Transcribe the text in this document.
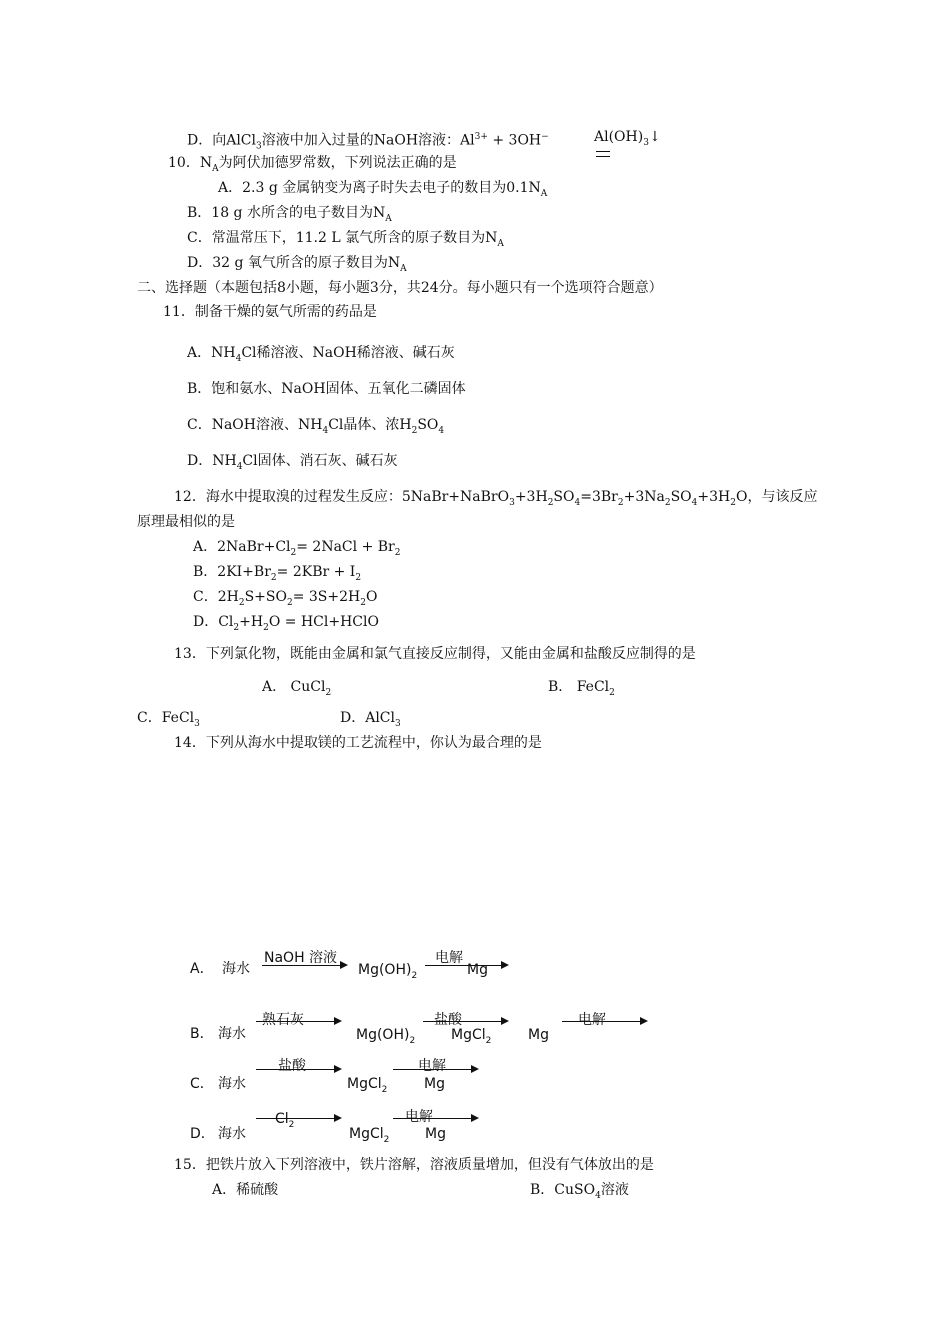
D．向AlCl$_3$溶液中加入过量的NaOH溶液：$Al^{3+} + 3OH^-$	$Al(OH)_3↓$
10．$N_A$为阿伏加德罗常数，下列说法正确的是
A．2.3 g 金属钠变为离子时失去电子的数目为$0.1N_A$
B．18 g 水所含的电子数目为$N_A$
C．常温常压下，11.2 L 氯气所含的原子数目为$N_A$
D．32 g 氧气所含的原子数目为$N_A$
二、选择题（本题包括8小题，每小题3分，共24分。每小题只有一个选项符合题意）
11．制备干燥的氨气所需的药品是
A．$NH_4Cl$稀溶液、NaOH稀溶液、碱石灰
B．饱和氨水、NaOH固体、五氧化二磷固体
C．NaOH溶液、$NH_4Cl$晶体、浓$H_2SO_4$
D．$NH_4Cl$固体、消石灰、碱石灰
12．海水中提取溴的过程发生反应：$5NaBr+NaBrO_3+3H_2SO_4=3Br_2+3Na_2SO_4+3H_2O$，与该反应
原理最相似的是
A．$2NaBr+Cl_2=$ 2NaCl + $Br_2$
B．$2KI+Br_2= 2KBr + I_2$
C．$2H_2S+SO_2= 3S+2H_2O$
D．$Cl_2+H_2O$ = HCl+HClO
13．下列氯化物，既能由金属和氯气直接反应制得，又能由金属和盐酸反应制得的是
A． CuCl$_2$	B． FeCl$_2$
C．FeCl$_3$	D．AlCl$_3$
14．下列从海水中提取镁的工艺流程中，你认为最合理的是
A． 海水
NaOH 溶液
$Mg(OH)_2$
电解
Mg
B． 海水
熟石灰
$Mg(OH)_2$
盐酸
MgCl$_2$	Mg
电解
C． 海水
盐酸
MgCl$_2$
电解
Mg
D． 海水
$Cl_2$
MgCl$_2$
电解
Mg
15．把铁片放入下列溶液中，铁片溶解，溶液质量增加，但没有气体放出的是
A．稀硫酸	B．CuSO$_4$溶液
